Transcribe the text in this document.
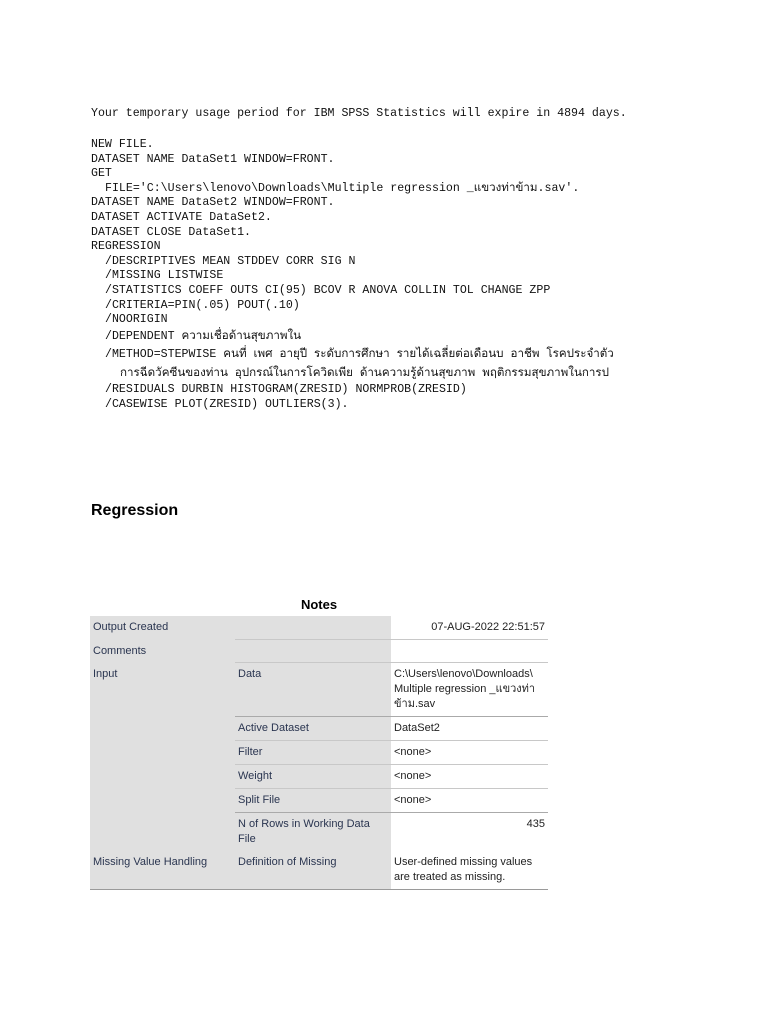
Your temporary usage period for IBM SPSS Statistics will expire in 4894 days.
NEW FILE.
DATASET NAME DataSet1 WINDOW=FRONT.
GET
FILE='C:\Users\lenovo\Downloads\Multiple regression _แขวงท่าข้าม.sav'.
DATASET NAME DataSet2 WINDOW=FRONT.
DATASET ACTIVATE DataSet2.
DATASET CLOSE DataSet1.
REGRESSION
/DESCRIPTIVES MEAN STDDEV CORR SIG N
/MISSING LISTWISE
/STATISTICS COEFF OUTS CI(95) BCOV R ANOVA COLLIN TOL CHANGE ZPP
/CRITERIA=PIN(.05) POUT(.10)
/NOORIGIN
/DEPENDENT ความเชื่อด้านสุขภาพใน
/METHOD=STEPWISE คนที่ เพศ อายุปี ระดับการศึกษา รายได้เฉลี่ยต่อเดือนบ อาชีพ โรคประจำตัว
การฉีดวัคซีนของท่าน อุปกรณ์ในการโควิดเพีย ด้านความรู้ด้านสุขภาพ พฤติกรรมสุขภาพในการป
/RESIDUALS DURBIN HISTOGRAM(ZRESID) NORMPROB(ZRESID)
/CASEWISE PLOT(ZRESID) OUTLIERS(3).
Regression
Notes
Output Created		07-AUG-2022 22:51:57
Comments		
Input	Data	C:\Users\lenovo\Downloads\
Multiple regression _แขวงท่า
ข้าม.sav

	Active Dataset	DataSet2
	Filter	<none>
	Weight	<none>
	Split File	<none>
	N of Rows in Working Data File	435
Missing Value Handling	Definition of Missing	User-defined missing values are treated as missing.
